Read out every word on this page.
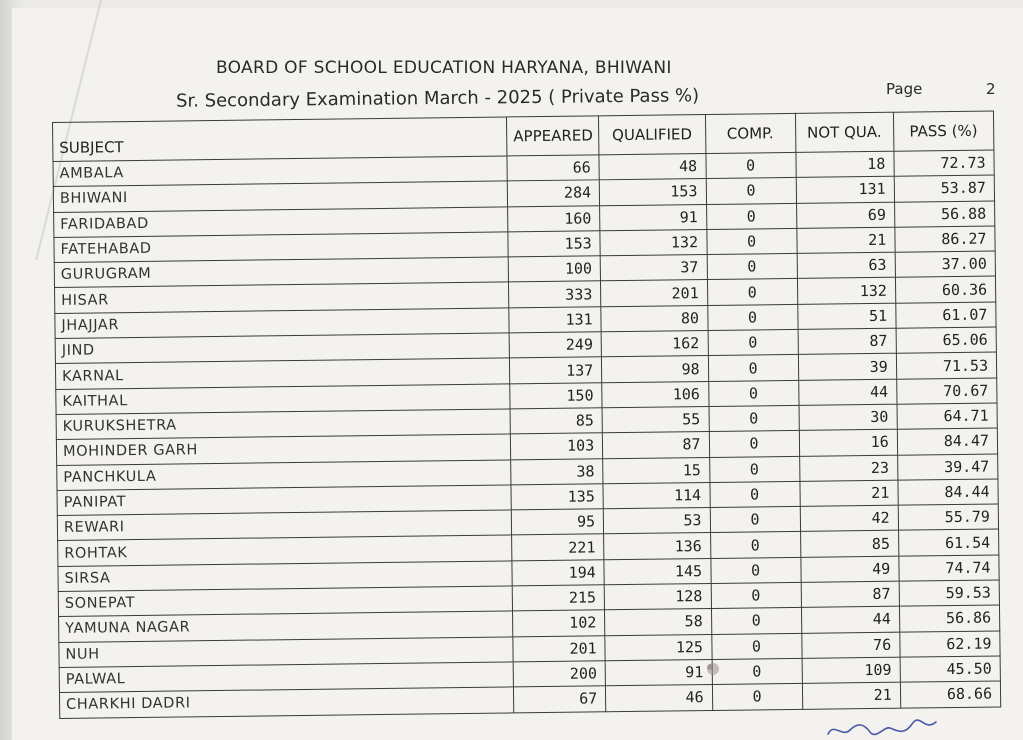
BOARD OF SCHOOL EDUCATION HARYANA, BHIWANI
Sr. Secondary Examination March - 2025 ( Private Pass %)	Page	2
SUBJECT	APPEARED	QUALIFIED	COMP.	NOT QUA.	PASS (%)
AMBALA	66	48	0	18	72.73
BHIWANI	284	153	0	131	53.87
FARIDABAD	160	91	0	69	56.88
FATEHABAD	153	132	0	21	86.27
GURUGRAM	100	37	0	63	37.00
HISAR	333	201	0	132	60.36
JHAJJAR	131	80	0	51	61.07
JIND	249	162	0	87	65.06
KARNAL	137	98	0	39	71.53
KAITHAL	150	106	0	44	70.67
KURUKSHETRA	85	55	0	30	64.71
MOHINDER GARH	103	87	0	16	84.47
PANCHKULA	38	15	0	23	39.47
PANIPAT	135	114	0	21	84.44
REWARI	95	53	0	42	55.79
ROHTAK	221	136	0	85	61.54
SIRSA	194	145	0	49	74.74
SONEPAT	215	128	0	87	59.53
YAMUNA NAGAR	102	58	0	44	56.86
NUH	201	125	0	76	62.19
PALWAL	200	91	0	109	45.50
CHARKHI DADRI	67	46	0	21	68.66
